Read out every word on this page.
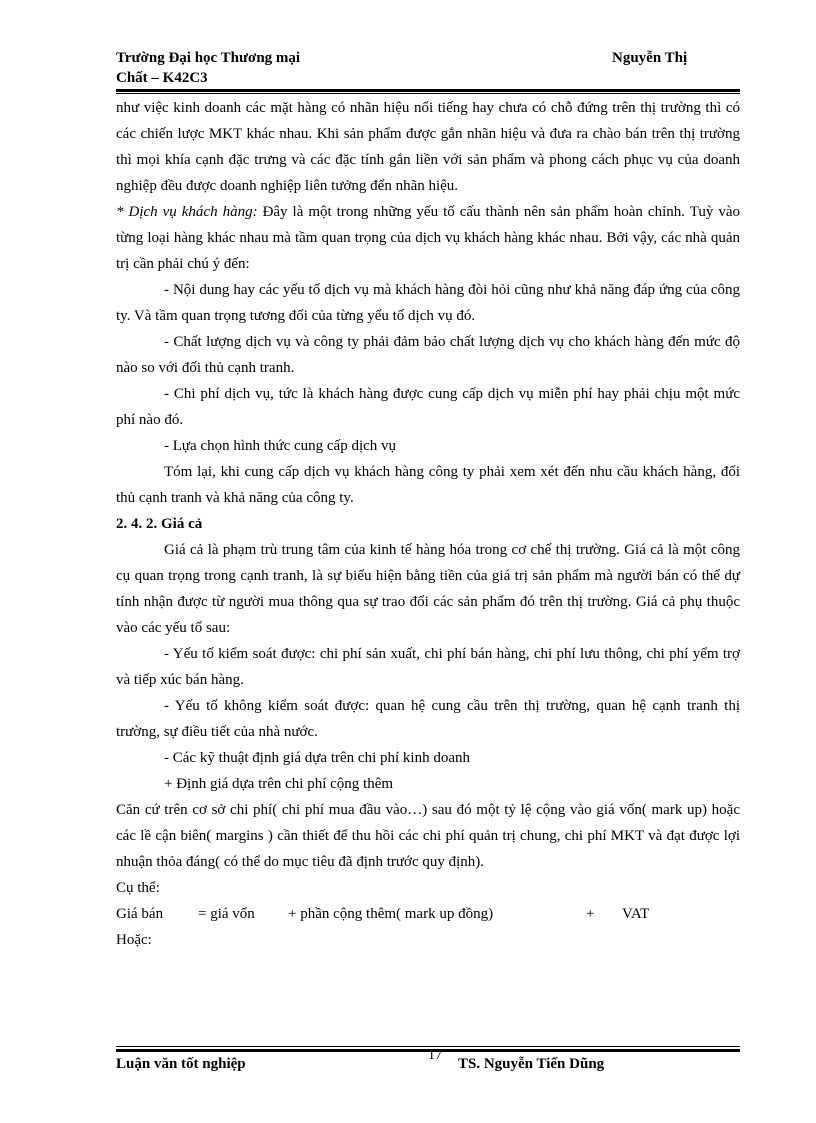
Trường Đại học Thương mại	Nguyễn Thị
Chất – K42C3

như việc kinh doanh các mặt hàng có nhãn hiệu nổi tiếng hay chưa có chỗ đứng trên thị trường thì có các chiến lược MKT khác nhau. Khi sản phẩm được gắn nhãn hiệu và đưa ra chào bán trên thị trường thì mọi khía cạnh đặc trưng và các đặc tính gắn liền với sản phẩm và phong cách phục vụ của doanh nghiệp đều được doanh nghiệp liên tưởng đến nhãn hiệu.

* Dịch vụ khách hàng: Đây là một trong những yếu tố cấu thành nên sản phẩm hoàn chỉnh. Tuỳ vào từng loại hàng khác nhau mà tầm quan trọng của dịch vụ khách hàng khác nhau. Bởi vậy, các nhà quản trị cần phải chú ý đến:

- Nội dung hay các yếu tố dịch vụ mà khách hàng đòi hỏi cũng như khả năng đáp ứng của công ty. Và tầm quan trọng tương đối của từng yếu tố dịch vụ đó.

- Chất lượng dịch vụ và công ty phải đảm bảo chất lượng dịch vụ cho khách hàng đến mức độ nào so với đối thủ cạnh tranh.

- Chi phí dịch vụ, tức là khách hàng được cung cấp dịch vụ miễn phí hay phải chịu một mức phí nào đó.

- Lựa chọn hình thức cung cấp dịch vụ

Tóm lại, khi cung cấp dịch vụ khách hàng công ty phải xem xét đến nhu cầu khách hàng, đối thủ cạnh tranh và khả năng của công ty.

2. 4. 2. Giá cả

Giá cả là phạm trù trung tâm của kinh tế hàng hóa trong cơ chế thị trường. Giá cả là một công cụ quan trọng trong cạnh tranh, là sự biểu hiện bằng tiền của giá trị sản phẩm mà người bán có thể dự tính nhận được từ người mua thông qua sự trao đổi các sản phẩm đó trên thị trường. Giá cả phụ thuộc vào các yếu tố sau:

- Yếu tố kiểm soát được: chi phí sản xuất, chi phí bán hàng, chi phí lưu thông, chi phí yểm trợ và tiếp xúc bán hàng.

- Yếu tố không kiểm soát được: quan hệ cung cầu trên thị trường, quan hệ cạnh tranh thị trường, sự điều tiết của nhà nước.

- Các kỹ thuật định giá dựa trên chi phí kinh doanh

+ Định giá dựa trên chi phí cộng thêm

Căn cứ trên cơ sở chi phí( chi phí mua đầu vào…) sau đó một tỷ lệ cộng vào giá vốn( mark up) hoặc các lề cận biên( margins ) cần thiết để thu hồi các chi phí quản trị chung, chi phí MKT và đạt được lợi nhuận thỏa đáng( có thể do mục tiêu đã định trước quy định).

Cụ thể:

Giá bán = giá vốn + phần cộng thêm( mark up đồng)	+ VAT

Hoặc:

Luận văn tốt nghiệp
17
TS. Nguyễn Tiến Dũng
